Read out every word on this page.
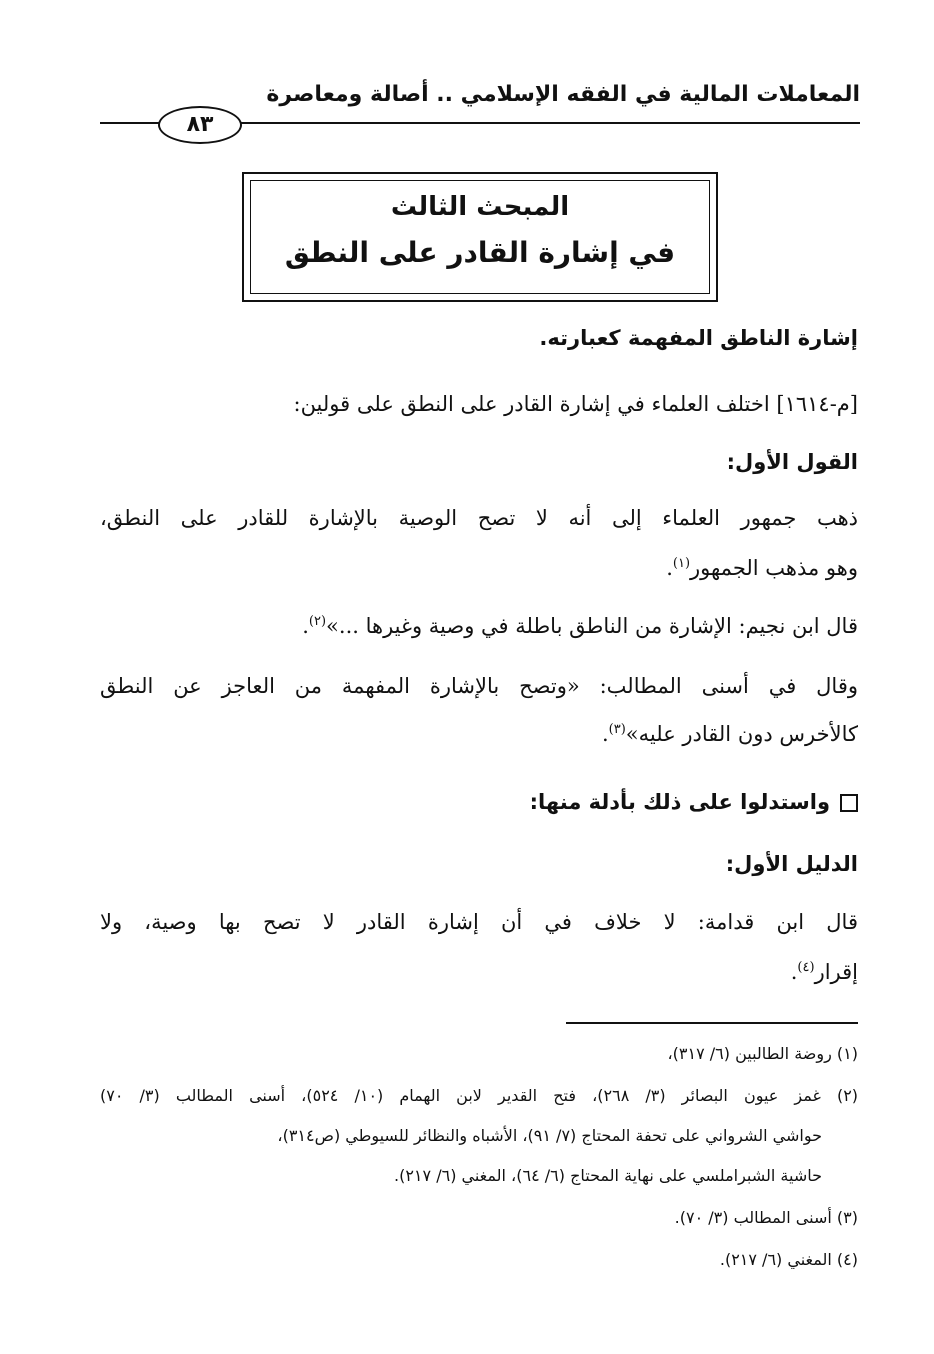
المعاملات المالية في الفقه الإسلامي .. أصالة ومعاصرة
٨٣
المبحث الثالث
في إشارة القادر على النطق
إشارة الناطق المفهمة كعبارته.
[م-١٦١٤] اختلف العلماء في إشارة القادر على النطق على قولين:
القول الأول:
ذهب جمهور العلماء إلى أنه لا تصح الوصية بالإشارة للقادر على النطق،
وهو مذهب الجمهور$^{(١)}$.
قال ابن نجيم: الإشارة من الناطق باطلة في وصية وغيرها ...»$^{(٢)}$.
وقال في أسنى المطالب: «وتصح بالإشارة المفهمة من العاجز عن النطق
كالأخرس دون القادر عليه»$^{(٣)}$.
واستدلوا على ذلك بأدلة منها:
الدليل الأول:
قال ابن قدامة: لا خلاف في أن إشارة القادر لا تصح بها وصية، ولا
إقرار$^{(٤)}$.
(١) روضة الطالبين (٦/ ٣١٧)،
(٢) غمز عيون البصائر (٣/ ٢٦٨)، فتح القدير لابن الهمام (١٠/ ٥٢٤)، أسنى المطالب (٣/ ٧٠)
حواشي الشرواني على تحفة المحتاج (٧/ ٩١)، الأشباه والنظائر للسيوطي (ص٣١٤)،
حاشية الشبراملسي على نهاية المحتاج (٦/ ٦٤)، المغني (٦/ ٢١٧).
(٣) أسنى المطالب (٣/ ٧٠).
(٤) المغني (٦/ ٢١٧).
